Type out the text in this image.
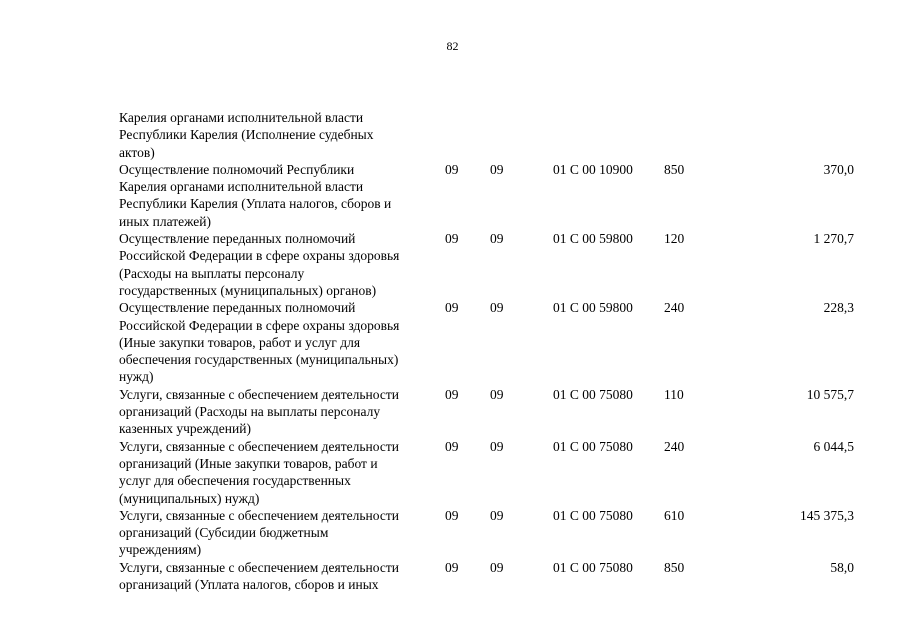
82
Карелия органами исполнительной власти
Республики Карелия (Исполнение судебных
актов)					

Осуществление полномочий Республики
Карелия органами исполнительной власти
Республики Карелия (Уплата налогов, сборов и
иных платежей)	09	09	01 С 00 10900	850	370,0

Осуществление переданных полномочий
Российской Федерации в сфере охраны здоровья
(Расходы на выплаты персоналу
государственных (муниципальных) органов)	09	09	01 С 00 59800	120	1 270,7

Осуществление переданных полномочий
Российской Федерации в сфере охраны здоровья
(Иные закупки товаров, работ и услуг для
обеспечения государственных (муниципальных)
нужд)	09	09	01 С 00 59800	240	228,3

Услуги, связанные с обеспечением деятельности
организаций (Расходы на выплаты персоналу
казенных учреждений)	09	09	01 С 00 75080	110	10 575,7

Услуги, связанные с обеспечением деятельности
организаций (Иные закупки товаров, работ и
услуг для обеспечения государственных
(муниципальных) нужд)	09	09	01 С 00 75080	240	6 044,5

Услуги, связанные с обеспечением деятельности
организаций (Субсидии бюджетным
учреждениям)	09	09	01 С 00 75080	610	145 375,3

Услуги, связанные с обеспечением деятельности
организаций (Уплата налогов, сборов и иных	09	09	01 С 00 75080	850	58,0
